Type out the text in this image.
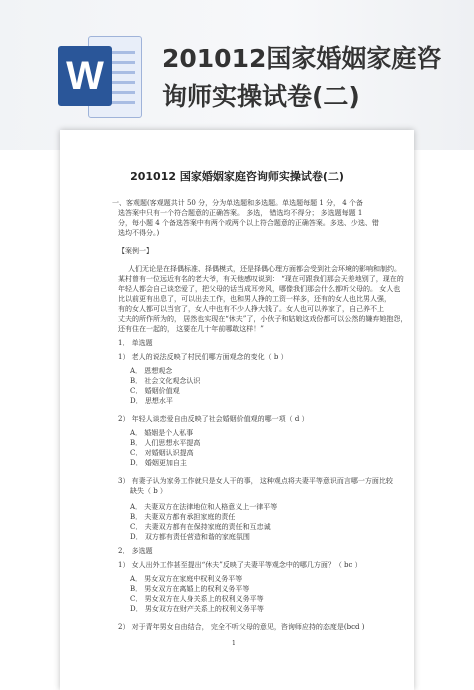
W	201012国家婚姻家庭咨
询师实操试卷(二)
201012 国家婚姻家庭咨询师实操试卷(二)
一、客观题(客观题共计 50 分，分为单选题和多选题。单选题每题 1 分， 4 个备
选答案中只有一个符合题意的正确答案。 多选， 错选均不得分； 多选题每题 1
分，每小题 4 个备选答案中有两个或两个以上符合题意的正确答案。多选、少选、错
选均不得分。)
【案例一】
人们无论是在择偶标准、择偶模式，还是择偶心理方面都会受到社会环境的影响和制约。
某村曾有一位远近有名的老大爷，有天他感叹说到： “现在可跟我们那会天差地别了，现在的
年轻人都会自己谈恋爱了，把父母的话当成耳旁风，哪像我们那会什么都听父母的。 女人也
比以前更有出息了，可以出去工作，也和男人挣的工资一样多，还有的女人也比男人强，
有的女人都可以当官了，女人中也有不少人挣大钱了。女人也可以养家了，自己养不上
丈夫的所作所为的， 居然也实现在“休夫”了，小伙子和姑娘这戏份都可以公然的嫌弃她抱怨，
还有住在一起的， 这要在几十年前哪敢这样！”
1． 单选题
1） 老人的说法反映了村民们哪方面观念的变化（ b ）
A． 恩想观念
B． 社会文化观念认识
C． 婚姻价值观
D． 思想水平
2） 年轻人谈恋爱自由反映了社会婚姻价值观的哪一项（ d ）
A． 婚姻是个人私事
B． 人们思想水平提高
C． 对婚姻认识提高
D． 婚姻更加自主
3） 有妻子认为家务工作就只是女人干的事， 这种观点将夫妻平等意识而言哪一方面比较
缺失（ b ）
A． 夫妻双方在法律地位和人格意义上一律平等
B． 夫妻双方都有承担家庭的责任
C． 夫妻双方都有在保持家庭的责任和互忠诚
D． 双方都有责任营造和谐的家庭氛围
2． 多选题
1） 女人出外工作甚至提出“休夫”反映了夫妻平等观念中的哪几方面？（ bc ）
A． 男女双方在家庭中权利义务平等
B． 男女双方在离婚上的权利义务平等
C． 男女双方在人身关系上的权利义务平等
D． 男女双方在财产关系上的权利义务平等
2） 对于青年男女自由结合， 完全不听父母的意见，咨询师应持的态度是(bcd )
1
